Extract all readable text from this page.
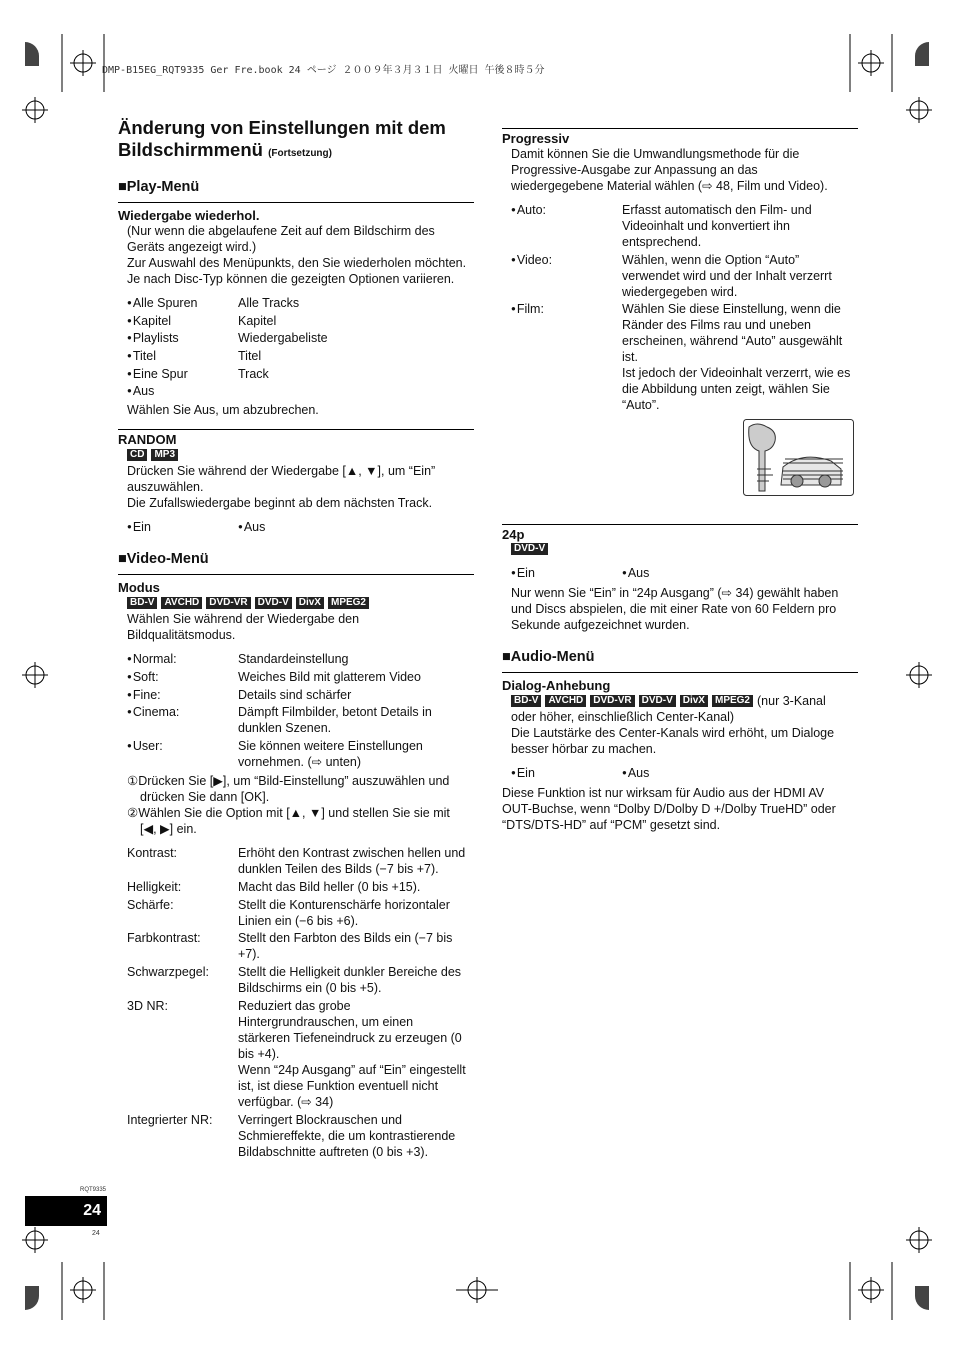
DMP-B15EG_RQT9335 Ger Fre.book 24 ページ ２００９年３月３１日 火曜日 午後８時５分
Änderung von Einstellungen mit dem Bildschirmmenü (Fortsetzung)
■Play-Menü
Wiedergabe wiederhol.
(Nur wenn die abgelaufene Zeit auf dem Bildschirm des
Geräts angezeigt wird.)
Zur Auswahl des Menüpunkts, den Sie wiederholen möchten.
Je nach Disc-Typ können die gezeigten Optionen variieren.
● Alle Spuren	Alle Tracks
● Kapitel	Kapitel
● Playlists	Wiedergabeliste
● Titel	Titel
● Eine Spur	Track
● Aus
Wählen Sie Aus, um abzubrechen.
RANDOM
CD	MP3
Drücken Sie während der Wiedergabe [▲, ▼], um “Ein”
auszuwählen.
Die Zufallswiedergabe beginnt ab dem nächsten Track.
● Ein	● Aus
■Video-Menü
Modus
BD-V	AVCHD	DVD-VR	DVD-V	DivX	MPEG2
Wählen Sie während der Wiedergabe den
Bildqualitätsmodus.
● Normal:	Standardeinstellung
● Soft:	Weiches Bild mit glatterem Video
● Fine:	Details sind schärfer
● Cinema:	Dämpft Filmbilder, betont Details in
dunklen Szenen.
● User:	Sie können weitere Einstellungen
vornehmen. (⇨ unten)
①Drücken Sie [▶], um “Bild-Einstellung” auszuwählen und
drücken Sie dann [OK].
②Wählen Sie die Option mit [▲, ▼] und stellen Sie sie mit
[◀, ▶] ein.
Kontrast:	Erhöht den Kontrast zwischen hellen und
dunklen Teilen des Bilds (−7 bis +7).
Helligkeit:	Macht das Bild heller (0 bis +15).
Schärfe:	Stellt die Konturenschärfe horizontaler
Linien ein (−6 bis +6).
Farbkontrast:	Stellt den Farbton des Bilds ein (−7 bis
+7).
Schwarzpegel: Stellt die Helligkeit dunkler Bereiche des
Bildschirms ein (0 bis +5).
3D NR:	Reduziert das grobe
Hintergrundrauschen, um einen
stärkeren Tiefeneindruck zu erzeugen (0
bis +4).
Wenn “24p Ausgang” auf “Ein” eingestellt
ist, ist diese Funktion eventuell nicht
verfügbar. (⇨ 34)
Integrierter NR: Verringert Blockrauschen und
Schmiereffekte, die um kontrastierende
Bildabschnitte auftreten (0 bis +3).
Progressiv
Damit können Sie die Umwandlungsmethode für die
Progressive-Ausgabe zur Anpassung an das
wiedergegebene Material wählen (⇨ 48, Film und Video).
● Auto:	Erfasst automatisch den Film- und
Videoinhalt und konvertiert ihn
entsprechend.
● Video:	Wählen, wenn die Option “Auto”
verwendet wird und der Inhalt verzerrt
wiedergegeben wird.
● Film:	Wählen Sie diese Einstellung, wenn die
Ränder des Films rau und uneben
erscheinen, während “Auto” ausgewählt
ist.
Ist jedoch der Videoinhalt verzerrt, wie es
die Abbildung unten zeigt, wählen Sie
“Auto”.
24p
DVD-V
● Ein	● Aus
Nur wenn Sie “Ein” in “24p Ausgang” (⇨ 34) gewählt haben
und Discs abspielen, die mit einer Rate von 60 Feldern pro
Sekunde aufgezeichnet wurden.
■Audio-Menü
Dialog-Anhebung
BD-V	AVCHD	DVD-VR	DVD-V	DivX	MPEG2 (nur 3-Kanal
oder höher, einschließlich Center-Kanal)
Die Lautstärke des Center-Kanals wird erhöht, um Dialoge
besser hörbar zu machen.
● Ein	● Aus
Diese Funktion ist nur wirksam für Audio aus der HDMI AV
OUT-Buchse, wenn “Dolby D/Dolby D +/Dolby TrueHD” oder
“DTS/DTS-HD” auf “PCM” gesetzt sind.
RQT9335
24
24
